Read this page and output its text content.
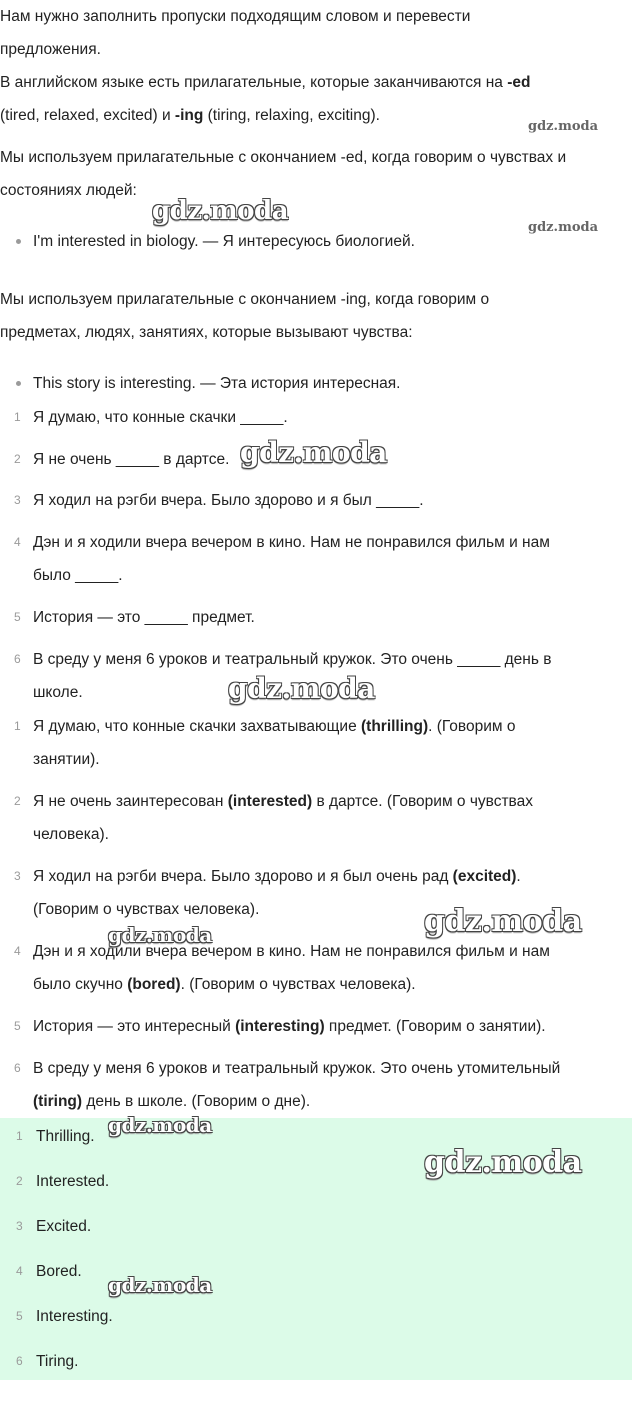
Нам нужно заполнить пропуски подходящим словом и перевести

предложения.

В английском языке есть прилагательные, которые заканчиваются на -ed

(tired, relaxed, excited) и -ing (tiring, relaxing, exciting).

Мы используем прилагательные с окончанием -ed, когда говорим о чувствах и

состояниях людей:

I'm interested in biology. — Я интересуюсь биологией.

Мы используем прилагательные с окончанием -ing, когда говорим о

предметах, людях, занятиях, которые вызывают чувства:

This story is interesting. — Эта история интересная.
1 Я думаю, что конные скачки _____.
2 Я не очень _____ в дартсе.
3 Я ходил на рэгби вчера. Было здорово и я был _____.
4 Дэн и я ходили вчера вечером в кино. Нам не понравился фильм и нам
было _____.
5 История — это _____ предмет.
6 В среду у меня 6 уроков и театральный кружок. Это очень _____ день в
школе.
1 Я думаю, что конные скачки захватывающие (thrilling). (Говорим о
занятии).
2 Я не очень заинтересован (interested) в дартсе. (Говорим о чувствах
человека).
3 Я ходил на рэгби вчера. Было здорово и я был очень рад (excited).
(Говорим о чувствах человека).
4 Дэн и я ходили вчера вечером в кино. Нам не понравился фильм и нам
было скучно (bored). (Говорим о чувствах человека).
5 История — это интересный (interesting) предмет. (Говорим о занятии).
6 В среду у меня 6 уроков и театральный кружок. Это очень утомительный
(tiring) день в школе. (Говорим о дне).
1 Thrilling.
2 Interested.
3 Excited.
4 Bored.
5 Interesting.
6 Tiring.
gdz.moda
gdz.moda
gdz.moda
gdz.moda
gdz.moda
gdz.moda
gdz.moda
gdz.moda
gdz.moda
gdz.moda
